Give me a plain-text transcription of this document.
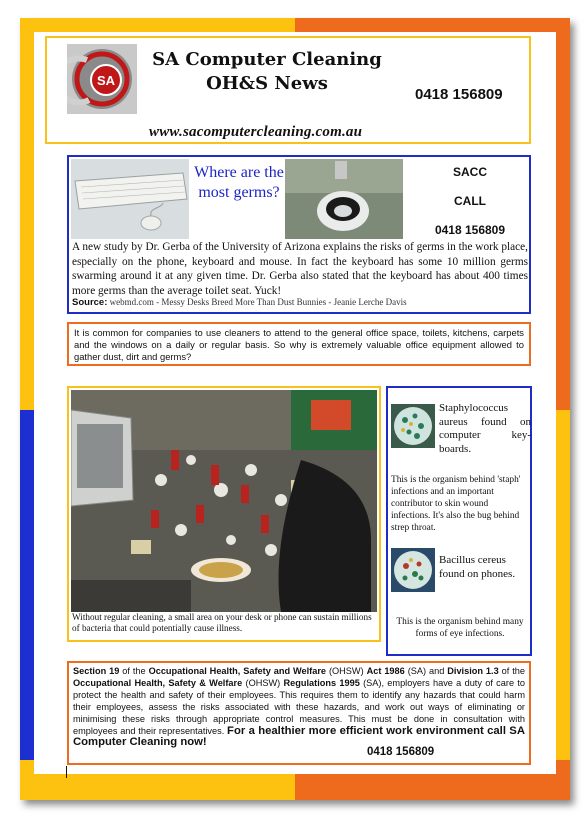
SA
SA Computer Cleaning
OH&S News
0418 156809
www.sacomputercleaning.com.au
Where are the most germs?
SACC
CALL
0418 156809
A new study by Dr. Gerba of the University of Arizona explains the risks of germs in the work place, especially on the phone, keyboard and mouse. In fact the keyboard has some 10 million germs swarming around it at any given time. Dr. Gerba also stated that the keyboard has about 400 times more germs than the average toilet seat. Yuck!
Source: webmd.com - Messy Desks Breed More Than Dust Bunnies - Jeanie Lerche Davis
It is common for companies to use cleaners to attend to the general office space, toilets, kitchens, carpets and the windows on a daily or regular basis. So why is extremely valuable office equipment allowed to gather dust, dirt and germs?
Without regular cleaning, a small area on your desk or phone can sustain millions of bacteria that could potentially cause illness.
Staphylococcus aureus found on computer key-boards.
This is the organism behind 'staph' infections and an important contributor to skin wound infections. It's also the bug behind strep throat.
Bacillus cereus found on phones.
This is the organism behind many forms of eye infections.
Section 19 of the Occupational Health, Safety and Welfare (OHSW) Act 1986 (SA) and Division 1.3 of the Occupational Health, Safety & Welfare (OHSW) Regulations 1995 (SA), employers have a duty of care to protect the health and safety of their employees. This requires them to identify any hazards that could harm their employees, assess the risks associated with these hazards, and work out ways of eliminating or minimising these risks through appropriate control measures. This must be done in consultation with employees and their representatives. For a healthier more efficient work environment call SA Computer Cleaning now!
0418 156809
